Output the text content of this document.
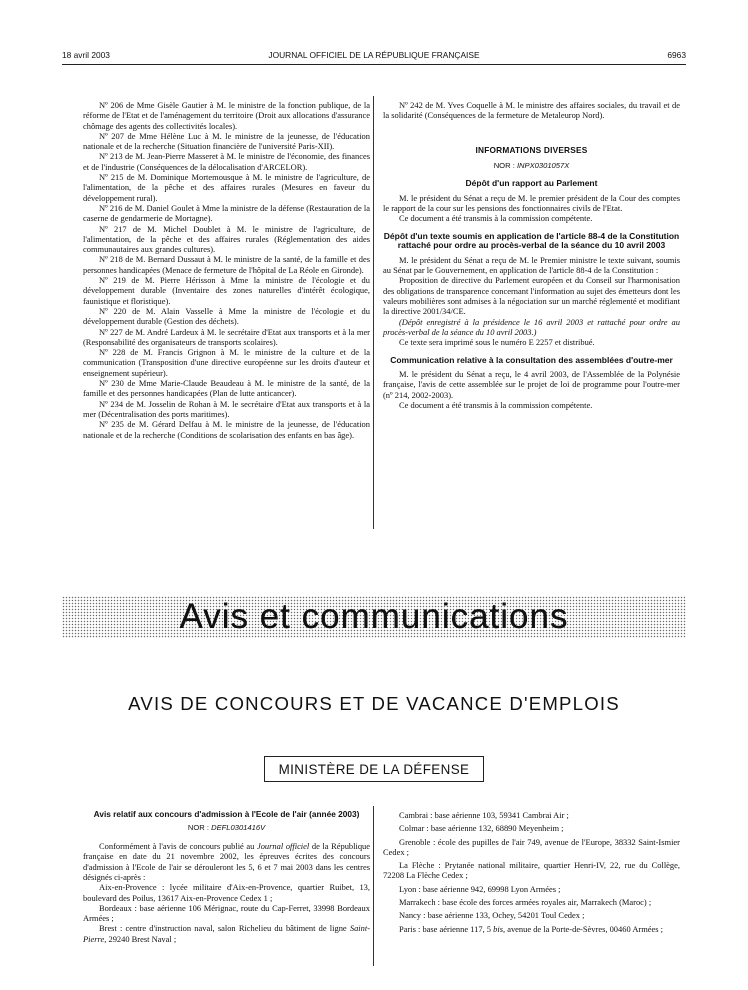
18 avril 2003	JOURNAL OFFICIEL DE LA RÉPUBLIQUE FRANÇAISE	6963

Nº 206 de Mme Gisèle Gautier à M. le ministre de la fonction publique, de la réforme de l'Etat et de l'aménagement du territoire (Droit aux allocations d'assurance chômage des agents des collectivités locales).

Nº 207 de Mme Hélène Luc à M. le ministre de la jeunesse, de l'éducation nationale et de la recherche (Situation financière de l'université Paris-XII).

Nº 213 de M. Jean-Pierre Masseret à M. le ministre de l'économie, des finances et de l'industrie (Conséquences de la délocalisation d'ARCELOR).

Nº 215 de M. Dominique Mortemousque à M. le ministre de l'agriculture, de l'alimentation, de la pêche et des affaires rurales (Mesures en faveur du développement rural).

Nº 216 de M. Daniel Goulet à Mme la ministre de la défense (Restauration de la caserne de gendarmerie de Mortagne).

Nº 217 de M. Michel Doublet à M. le ministre de l'agriculture, de l'alimentation, de la pêche et des affaires rurales (Réglementation des aides communautaires aux grandes cultures).

Nº 218 de M. Bernard Dussaut à M. le ministre de la santé, de la famille et des personnes handicapées (Menace de fermeture de l'hôpital de La Réole en Gironde).

Nº 219 de M. Pierre Hérisson à Mme la ministre de l'écologie et du développement durable (Inventaire des zones naturelles d'intérêt écologique, faunistique et floristique).

Nº 220 de M. Alain Vasselle à Mme la ministre de l'écologie et du développement durable (Gestion des déchets).

Nº 227 de M. André Lardeux à M. le secrétaire d'Etat aux transports et à la mer (Responsabilité des organisateurs de transports scolaires).

Nº 228 de M. Francis Grignon à M. le ministre de la culture et de la communication (Transposition d'une directive européenne sur les droits d'auteur et enseignement supérieur).

Nº 230 de Mme Marie-Claude Beaudeau à M. le ministre de la santé, de la famille et des personnes handicapées (Plan de lutte anticancer).

Nº 234 de M. Josselin de Rohan à M. le secrétaire d'Etat aux transports et à la mer (Décentralisation des ports maritimes).

Nº 235 de M. Gérard Delfau à M. le ministre de la jeunesse, de l'éducation nationale et de la recherche (Conditions de scolarisation des enfants en bas âge).

Nº 242 de M. Yves Coquelle à M. le ministre des affaires sociales, du travail et de la solidarité (Conséquences de la fermeture de Metaleurop Nord).

INFORMATIONS DIVERSES

NOR : INPX0301057X

Dépôt d'un rapport au Parlement

M. le président du Sénat a reçu de M. le premier président de la Cour des comptes le rapport de la cour sur les pensions des fonctionnaires civils de l'Etat.

Ce document a été transmis à la commission compétente.

Dépôt d'un texte soumis en application de l'article 88-4 de la Constitution rattaché pour ordre au procès-verbal de la séance du 10 avril 2003

M. le président du Sénat a reçu de M. le Premier ministre le texte suivant, soumis au Sénat par le Gouvernement, en application de l'article 88-4 de la Constitution :

Proposition de directive du Parlement européen et du Conseil sur l'harmonisation des obligations de transparence concernant l'information au sujet des émetteurs dont les valeurs mobilières sont admises à la négociation sur un marché réglementé et modifiant la directive 2001/34/CE.

(Dépôt enregistré à la présidence le 16 avril 2003 et rattaché pour ordre au procès-verbal de la séance du 10 avril 2003.)

Ce texte sera imprimé sous le numéro E 2257 et distribué.

Communication relative à la consultation des assemblées d'outre-mer

M. le président du Sénat a reçu, le 4 avril 2003, de l'Assemblée de la Polynésie française, l'avis de cette assemblée sur le projet de loi de programme pour l'outre-mer (nº 214, 2002-2003).

Ce document a été transmis à la commission compétente.

Avis et communications
AVIS DE CONCOURS ET DE VACANCE D'EMPLOIS
MINISTÈRE DE LA DÉFENSE

Avis relatif aux concours d'admission à l'Ecole de l'air (année 2003)

NOR : DEFL0301416V

Conformément à l'avis de concours publié au Journal officiel de la République française en date du 21 novembre 2002, les épreuves écrites des concours d'admission à l'Ecole de l'air se dérouleront les 5, 6 et 7 mai 2003 dans les centres désignés ci-après :

Aix-en-Provence : lycée militaire d'Aix-en-Provence, quartier Ruibet, 13, boulevard des Poilus, 13617 Aix-en-Provence Cedex 1 ;

Bordeaux : base aérienne 106 Mérignac, route du Cap-Ferret, 33998 Bordeaux Armées ;

Brest : centre d'instruction naval, salon Richelieu du bâtiment de ligne Saint-Pierre, 29240 Brest Naval ;

Cambrai : base aérienne 103, 59341 Cambrai Air ;

Colmar : base aérienne 132, 68890 Meyenheim ;

Grenoble : école des pupilles de l'air 749, avenue de l'Europe, 38332 Saint-Ismier Cedex ;

La Flèche : Prytanée national militaire, quartier Henri-IV, 22, rue du Collège, 72208 La Flèche Cedex ;

Lyon : base aérienne 942, 69998 Lyon Armées ;

Marrakech : base école des forces armées royales air, Marrakech (Maroc) ;

Nancy : base aérienne 133, Ochey, 54201 Toul Cedex ;

Paris : base aérienne 117, 5 bis, avenue de la Porte-de-Sèvres, 00460 Armées ;
